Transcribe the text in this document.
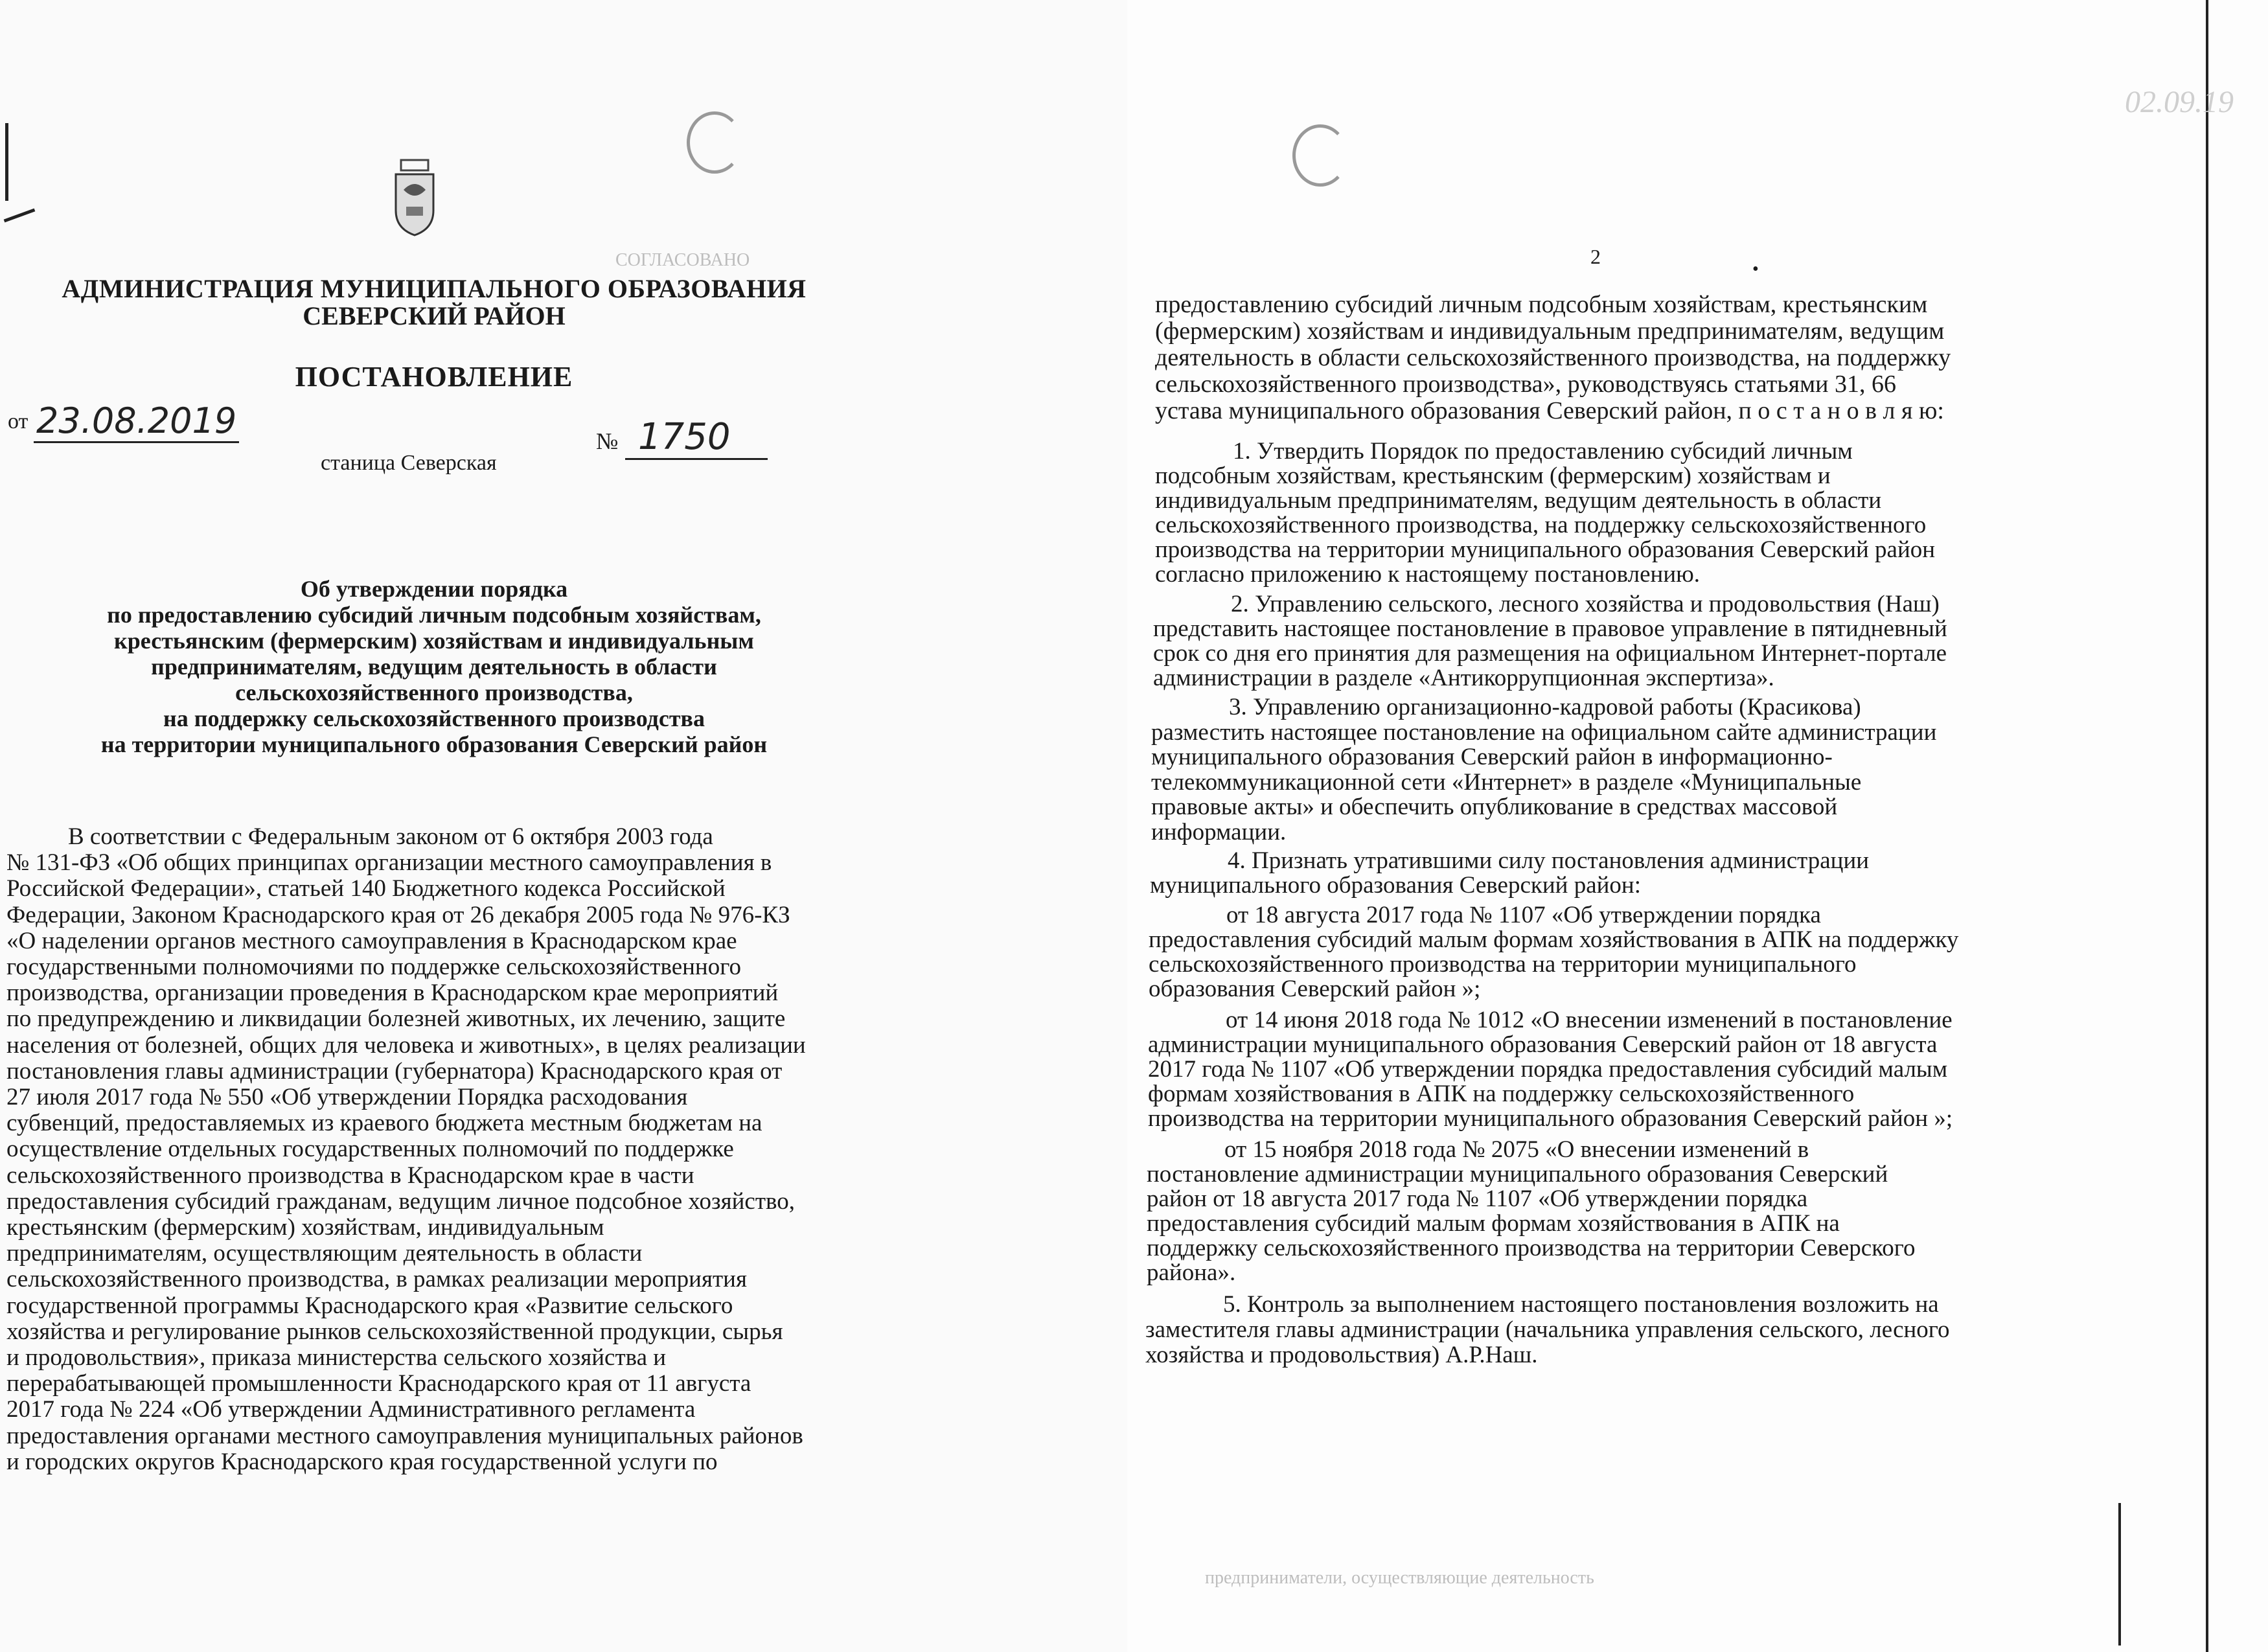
АДМИНИСТРАЦИЯ МУНИЦИПАЛЬНОГО ОБРАЗОВАНИЯ
СЕВЕРСКИЙ РАЙОН
ПОСТАНОВЛЕНИЕ
от 23.08.2019	№ 1750
станица Северская
СОГЛАСОВАНО
Об утверждении порядка
по предоставлению субсидий личным подсобным хозяйствам,
крестьянским (фермерским) хозяйствам и индивидуальным
предпринимателям, ведущим деятельность в области
сельскохозяйственного производства,
на поддержку сельскохозяйственного производства
на территории муниципального образования Северский район
В соответствии с Федеральным законом от 6 октября 2003 года
№ 131-ФЗ «Об общих принципах организации местного самоуправления в
Российской Федерации», статьей 140 Бюджетного кодекса Российской
Федерации, Законом Краснодарского края от 26 декабря 2005 года № 976-КЗ
«О наделении органов местного самоуправления в Краснодарском крае
государственными полномочиями по поддержке сельскохозяйственного
производства, организации проведения в Краснодарском крае мероприятий
по предупреждению и ликвидации болезней животных, их лечению, защите
населения от болезней, общих для человека и животных», в целях реализации
постановления главы администрации (губернатора) Краснодарского края от
27 июля 2017 года № 550 «Об утверждении Порядка расходования
субвенций, предоставляемых из краевого бюджета местным бюджетам на
осуществление отдельных государственных полномочий по поддержке
сельскохозяйственного производства в Краснодарском крае в части
предоставления субсидий гражданам, ведущим личное подсобное хозяйство,
крестьянским (фермерским) хозяйствам, индивидуальным
предпринимателям, осуществляющим деятельность в области
сельскохозяйственного производства, в рамках реализации мероприятия
государственной программы Краснодарского края «Развитие сельского
хозяйства и регулирование рынков сельскохозяйственной продукции, сырья
и продовольствия», приказа министерства сельского хозяйства и
перерабатывающей промышленности Краснодарского края от 11 августа
2017 года № 224 «Об утверждении Административного регламента
предоставления органами местного самоуправления муниципальных районов
и городских округов Краснодарского края государственной услуги по
02.09.19
2
•
предоставлению субсидий личным подсобным хозяйствам, крестьянским
(фермерским) хозяйствам и индивидуальным предпринимателям, ведущим
деятельность в области сельскохозяйственного производства, на поддержку
сельскохозяйственного производства», руководствуясь статьями 31, 66
устава муниципального образования Северский район, п о с т а н о в л я ю:
1. Утвердить Порядок по предоставлению субсидий личным
подсобным хозяйствам, крестьянским (фермерским) хозяйствам и
индивидуальным предпринимателям, ведущим деятельность в области
сельскохозяйственного производства, на поддержку сельскохозяйственного
производства на территории муниципального образования Северский район
согласно приложению к настоящему постановлению.
2. Управлению сельского, лесного хозяйства и продовольствия (Наш)
представить настоящее постановление в правовое управление в пятидневный
срок со дня его принятия для размещения на официальном Интернет-портале
администрации в разделе «Антикоррупционная экспертиза».
3. Управлению организационно-кадровой работы (Красикова)
разместить настоящее постановление на официальном сайте администрации
муниципального образования Северский район в информационно-
телекоммуникационной сети «Интернет» в разделе «Муниципальные
правовые акты» и обеспечить опубликование в средствах массовой
информации.
4. Признать утратившими силу постановления администрации
муниципального образования Северский район:
от 18 августа 2017 года № 1107 «Об утверждении порядка
предоставления субсидий малым формам хозяйствования в АПК на поддержку
сельскохозяйственного производства на территории муниципального
образования Северский район »;
от 14 июня 2018 года № 1012 «О внесении изменений в постановление
администрации муниципального образования Северский район от 18 августа
2017 года № 1107 «Об утверждении порядка предоставления субсидий малым
формам хозяйствования в АПК на поддержку сельскохозяйственного
производства на территории муниципального образования Северский район »;
от 15 ноября 2018 года № 2075 «О внесении изменений в
постановление администрации муниципального образования Северский
район от 18 августа 2017 года № 1107 «Об утверждении порядка
предоставления субсидий малым формам хозяйствования в АПК на
поддержку сельскохозяйственного производства на территории Северского
района».
5. Контроль за выполнением настоящего постановления возложить на
заместителя главы администрации (начальника управления сельского, лесного
хозяйства и продовольствия) А.Р.Наш.
предприниматели, осуществляющие деятельность
